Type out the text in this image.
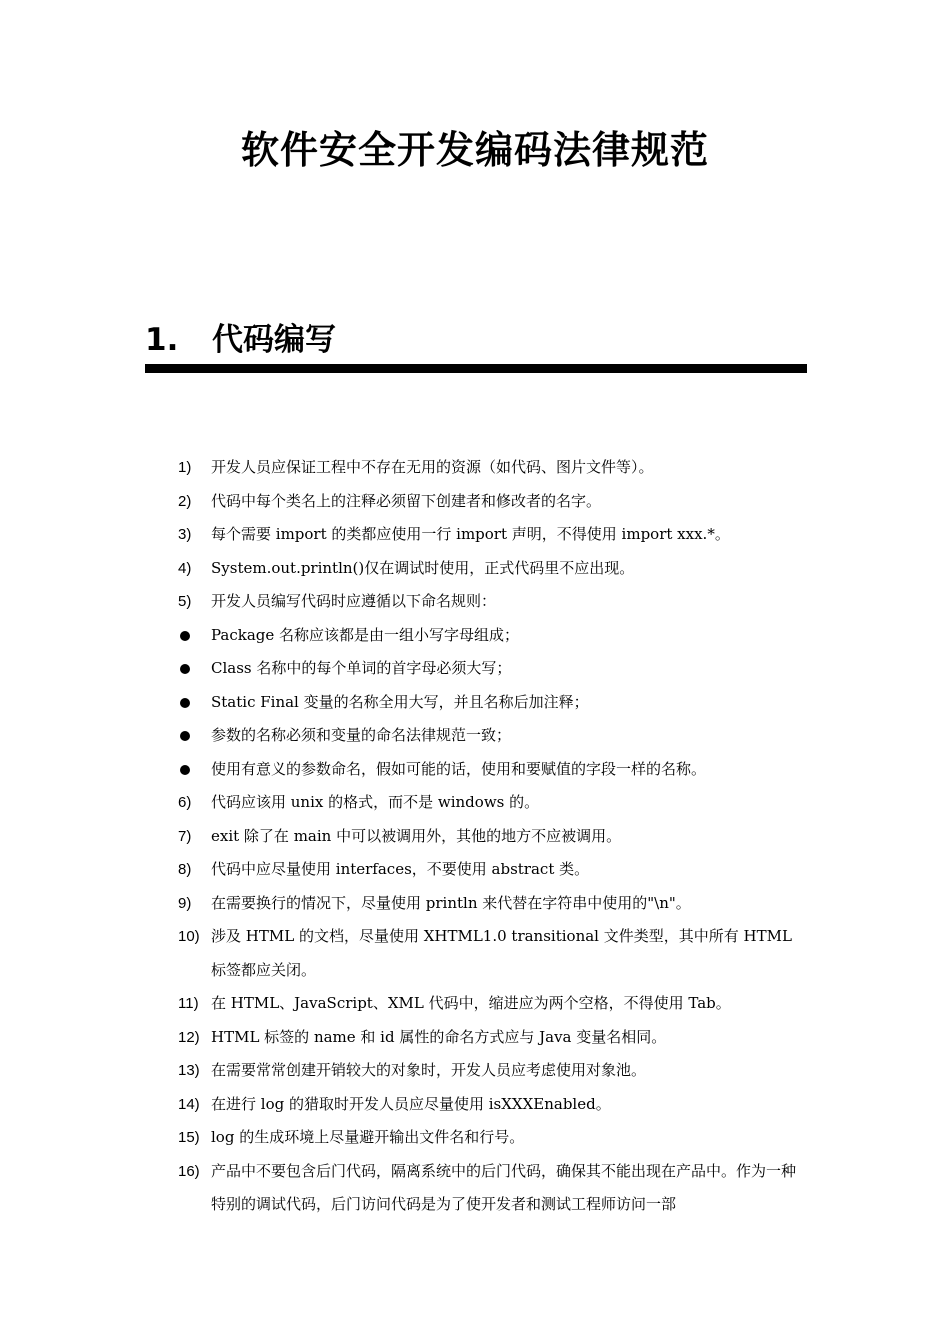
软件安全开发编码法律规范
1. 代码编写
1) 开发人员应保证工程中不存在无用的资源（如代码、图片文件等）。
2) 代码中每个类名上的注释必须留下创建者和修改者的名字。
3) 每个需要 import 的类都应使用一行 import 声明，不得使用 import xxx.*。
4) System.out.println()仅在调试时使用，正式代码里不应出现。
5) 开发人员编写代码时应遵循以下命名规则：
Package 名称应该都是由一组小写字母组成；
Class 名称中的每个单词的首字母必须大写；
Static Final 变量的名称全用大写，并且名称后加注释；
参数的名称必须和变量的命名法律规范一致；
使用有意义的参数命名，假如可能的话，使用和要赋值的字段一样的名称。
6) 代码应该用 unix 的格式，而不是 windows 的。
7) exit 除了在 main 中可以被调用外，其他的地方不应被调用。
8) 代码中应尽量使用 interfaces，不要使用 abstract 类。
9) 在需要换行的情况下，尽量使用 println 来代替在字符串中使用的"\n"。
10) 涉及 HTML 的文档，尽量使用 XHTML1.0 transitional 文件类型，其中所有 HTML 标签都应关闭。
11) 在 HTML、JavaScript、XML 代码中，缩进应为两个空格，不得使用 Tab。
12) HTML 标签的 name 和 id 属性的命名方式应与 Java 变量名相同。
13) 在需要常常创建开销较大的对象时，开发人员应考虑使用对象池。
14) 在进行 log 的猎取时开发人员应尽量使用 isXXXEnabled。
15) log 的生成环境上尽量避开输出文件名和行号。
16) 产品中不要包含后门代码，隔离系统中的后门代码，确保其不能出现在产品中。作为一种特别的调试代码，后门访问代码是为了使开发者和测试工程师访问一部
